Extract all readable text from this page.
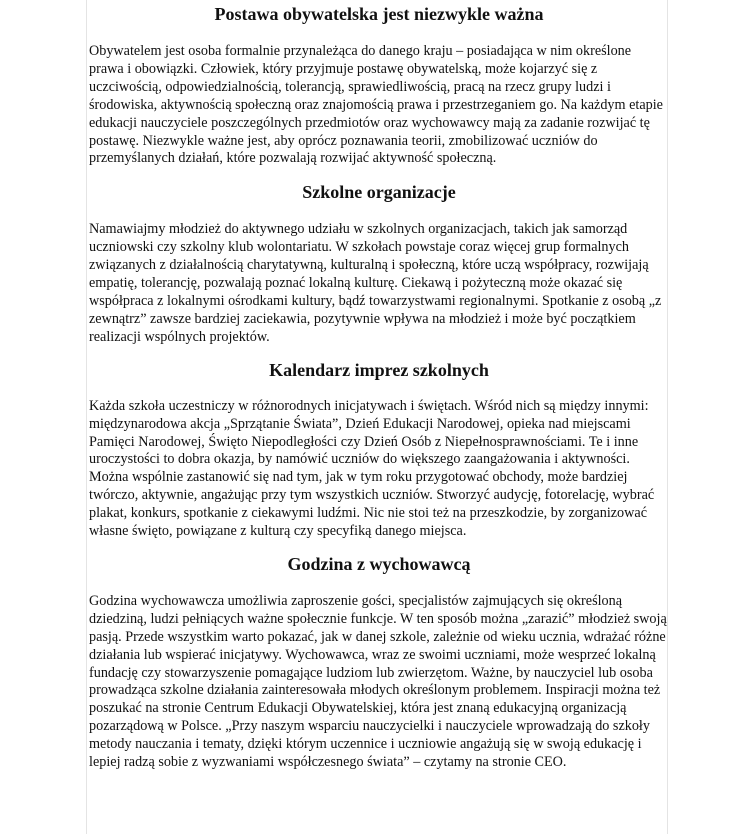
Postawa obywatelska jest niezwykle ważna

Obywatelem jest osoba formalnie przynależąca do danego kraju – posiadająca w nim określone prawa i obowiązki. Człowiek, który przyjmuje postawę obywatelską, może kojarzyć się z uczciwością, odpowiedzialnością, tolerancją, sprawiedliwością, pracą na rzecz grupy ludzi i środowiska, aktywnością społeczną oraz znajomością prawa i przestrzeganiem go. Na każdym etapie edukacji nauczyciele poszczególnych przedmiotów oraz wychowawcy mają za zadanie rozwijać tę postawę. Niezwykle ważne jest, aby oprócz poznawania teorii, zmobilizować uczniów do przemyślanych działań, które pozwalają rozwijać aktywność społeczną.

Szkolne organizacje

Namawiajmy młodzież do aktywnego udziału w szkolnych organizacjach, takich jak samorząd uczniowski czy szkolny klub wolontariatu. W szkołach powstaje coraz więcej grup formalnych związanych z działalnością charytatywną, kulturalną i społeczną, które uczą współpracy, rozwijają empatię, tolerancję, pozwalają poznać lokalną kulturę. Ciekawą i pożyteczną może okazać się współpraca z lokalnymi ośrodkami kultury, bądź towarzystwami regionalnymi. Spotkanie z osobą „z zewnątrz” zawsze bardziej zaciekawia, pozytywnie wpływa na młodzież i może być początkiem realizacji wspólnych projektów.

Kalendarz imprez szkolnych

Każda szkoła uczestniczy w różnorodnych inicjatywach i świętach. Wśród nich są między innymi: międzynarodowa akcja „Sprzątanie Świata”, Dzień Edukacji Narodowej, opieka nad miejscami Pamięci Narodowej, Święto Niepodległości czy Dzień Osób z Niepełnosprawnościami. Te i inne uroczystości to dobra okazja, by namówić uczniów do większego zaangażowania i aktywności. Można wspólnie zastanowić się nad tym, jak w tym roku przygotować obchody, może bardziej twórczo, aktywnie, angażując przy tym wszystkich uczniów. Stworzyć audycję, fotorelację, wybrać plakat, konkurs, spotkanie z ciekawymi ludźmi. Nic nie stoi też na przeszkodzie, by zorganizować własne święto, powiązane z kulturą czy specyfiką danego miejsca.

Godzina z wychowawcą

Godzina wychowawcza umożliwia zaproszenie gości, specjalistów zajmujących się określoną dziedziną, ludzi pełniących ważne społecznie funkcje. W ten sposób można „zarazić” młodzież swoją pasją. Przede wszystkim warto pokazać, jak w danej szkole, zależnie od wieku ucznia, wdrażać różne działania lub wspierać inicjatywy. Wychowawca, wraz ze swoimi uczniami, może wesprzeć lokalną fundację czy stowarzyszenie pomagające ludziom lub zwierzętom. Ważne, by nauczyciel lub osoba prowadząca szkolne działania zainteresowała młodych określonym problemem. Inspiracji można też poszukać na stronie Centrum Edukacji Obywatelskiej, która jest znaną edukacyjną organizacją pozarządową w Polsce. „Przy naszym wsparciu nauczycielki i nauczyciele wprowadzają do szkoły metody nauczania i tematy, dzięki którym uczennice i uczniowie angażują się w swoją edukację i lepiej radzą sobie z wyzwaniami współczesnego świata” – czytamy na stronie CEO.
